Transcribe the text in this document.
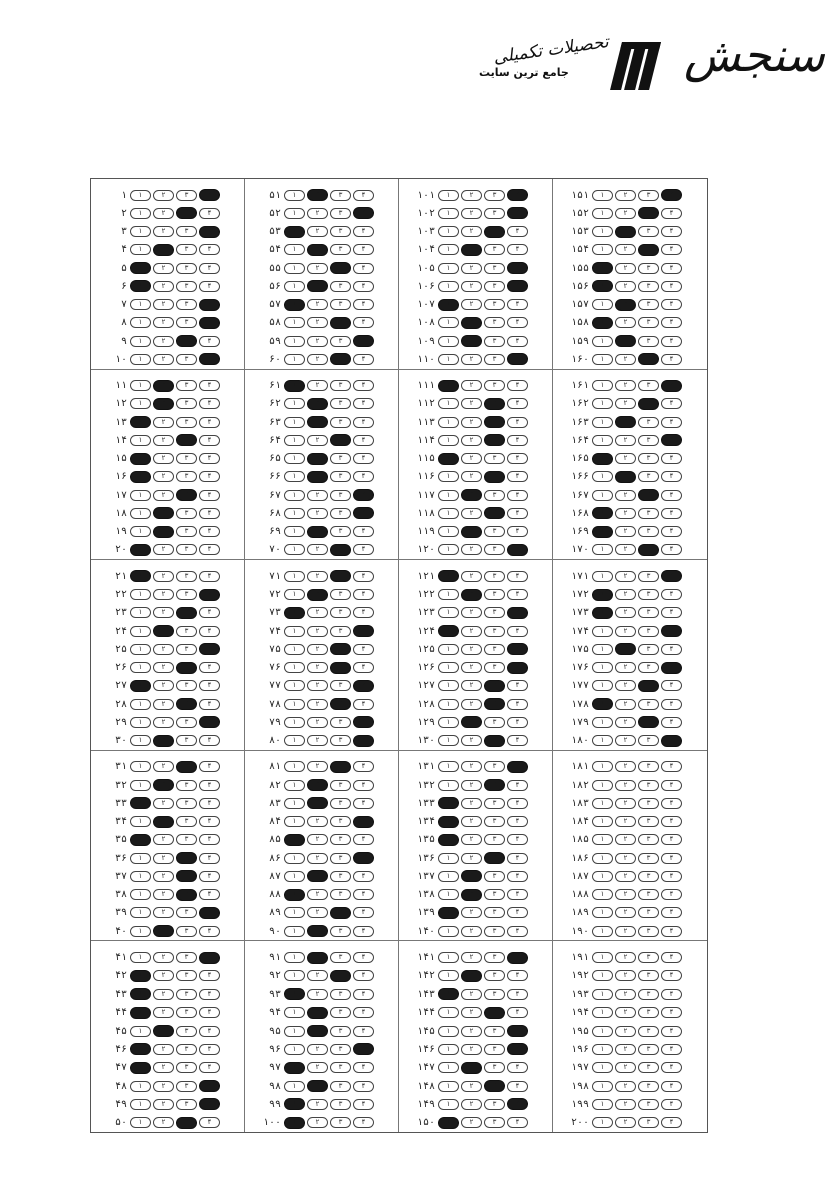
سنجش
تحصیلات تکمیلی
جامع ترین سایت
۱	۱	۲	۳	۴
۲	۱	۲	۳	۴
۳	۱	۲	۳	۴
۴	۱	۲	۳	۴
۵	۱	۲	۳	۴
۶	۱	۲	۳	۴
۷	۱	۲	۳	۴
۸	۱	۲	۳	۴
۹	۱	۲	۳	۴
۱۰	۱	۲	۳	۴
۵۱	۱	۲	۳	۴
۵۲	۱	۲	۳	۴
۵۳	۱	۲	۳	۴
۵۴	۱	۲	۳	۴
۵۵	۱	۲	۳	۴
۵۶	۱	۲	۳	۴
۵۷	۱	۲	۳	۴
۵۸	۱	۲	۳	۴
۵۹	۱	۲	۳	۴
۶۰	۱	۲	۳	۴
۱۰۱	۱	۲	۳	۴
۱۰۲	۱	۲	۳	۴
۱۰۳	۱	۲	۳	۴
۱۰۴	۱	۲	۳	۴
۱۰۵	۱	۲	۳	۴
۱۰۶	۱	۲	۳	۴
۱۰۷	۱	۲	۳	۴
۱۰۸	۱	۲	۳	۴
۱۰۹	۱	۲	۳	۴
۱۱۰	۱	۲	۳	۴
۱۵۱	۱	۲	۳	۴
۱۵۲	۱	۲	۳	۴
۱۵۳	۱	۲	۳	۴
۱۵۴	۱	۲	۳	۴
۱۵۵	۱	۲	۳	۴
۱۵۶	۱	۲	۳	۴
۱۵۷	۱	۲	۳	۴
۱۵۸	۱	۲	۳	۴
۱۵۹	۱	۲	۳	۴
۱۶۰	۱	۲	۳	۴
۱۱	۱	۲	۳	۴
۱۲	۱	۲	۳	۴
۱۳	۱	۲	۳	۴
۱۴	۱	۲	۳	۴
۱۵	۱	۲	۳	۴
۱۶	۱	۲	۳	۴
۱۷	۱	۲	۳	۴
۱۸	۱	۲	۳	۴
۱۹	۱	۲	۳	۴
۲۰	۱	۲	۳	۴
۶۱	۱	۲	۳	۴
۶۲	۱	۲	۳	۴
۶۳	۱	۲	۳	۴
۶۴	۱	۲	۳	۴
۶۵	۱	۲	۳	۴
۶۶	۱	۲	۳	۴
۶۷	۱	۲	۳	۴
۶۸	۱	۲	۳	۴
۶۹	۱	۲	۳	۴
۷۰	۱	۲	۳	۴
۱۱۱	۱	۲	۳	۴
۱۱۲	۱	۲	۳	۴
۱۱۳	۱	۲	۳	۴
۱۱۴	۱	۲	۳	۴
۱۱۵	۱	۲	۳	۴
۱۱۶	۱	۲	۳	۴
۱۱۷	۱	۲	۳	۴
۱۱۸	۱	۲	۳	۴
۱۱۹	۱	۲	۳	۴
۱۲۰	۱	۲	۳	۴
۱۶۱	۱	۲	۳	۴
۱۶۲	۱	۲	۳	۴
۱۶۳	۱	۲	۳	۴
۱۶۴	۱	۲	۳	۴
۱۶۵	۱	۲	۳	۴
۱۶۶	۱	۲	۳	۴
۱۶۷	۱	۲	۳	۴
۱۶۸	۱	۲	۳	۴
۱۶۹	۱	۲	۳	۴
۱۷۰	۱	۲	۳	۴
۲۱	۱	۲	۳	۴
۲۲	۱	۲	۳	۴
۲۳	۱	۲	۳	۴
۲۴	۱	۲	۳	۴
۲۵	۱	۲	۳	۴
۲۶	۱	۲	۳	۴
۲۷	۱	۲	۳	۴
۲۸	۱	۲	۳	۴
۲۹	۱	۲	۳	۴
۳۰	۱	۲	۳	۴
۷۱	۱	۲	۳	۴
۷۲	۱	۲	۳	۴
۷۳	۱	۲	۳	۴
۷۴	۱	۲	۳	۴
۷۵	۱	۲	۳	۴
۷۶	۱	۲	۳	۴
۷۷	۱	۲	۳	۴
۷۸	۱	۲	۳	۴
۷۹	۱	۲	۳	۴
۸۰	۱	۲	۳	۴
۱۲۱	۱	۲	۳	۴
۱۲۲	۱	۲	۳	۴
۱۲۳	۱	۲	۳	۴
۱۲۴	۱	۲	۳	۴
۱۲۵	۱	۲	۳	۴
۱۲۶	۱	۲	۳	۴
۱۲۷	۱	۲	۳	۴
۱۲۸	۱	۲	۳	۴
۱۲۹	۱	۲	۳	۴
۱۳۰	۱	۲	۳	۴
۱۷۱	۱	۲	۳	۴
۱۷۲	۱	۲	۳	۴
۱۷۳	۱	۲	۳	۴
۱۷۴	۱	۲	۳	۴
۱۷۵	۱	۲	۳	۴
۱۷۶	۱	۲	۳	۴
۱۷۷	۱	۲	۳	۴
۱۷۸	۱	۲	۳	۴
۱۷۹	۱	۲	۳	۴
۱۸۰	۱	۲	۳	۴
۳۱	۱	۲	۳	۴
۳۲	۱	۲	۳	۴
۳۳	۱	۲	۳	۴
۳۴	۱	۲	۳	۴
۳۵	۱	۲	۳	۴
۳۶	۱	۲	۳	۴
۳۷	۱	۲	۳	۴
۳۸	۱	۲	۳	۴
۳۹	۱	۲	۳	۴
۴۰	۱	۲	۳	۴
۸۱	۱	۲	۳	۴
۸۲	۱	۲	۳	۴
۸۳	۱	۲	۳	۴
۸۴	۱	۲	۳	۴
۸۵	۱	۲	۳	۴
۸۶	۱	۲	۳	۴
۸۷	۱	۲	۳	۴
۸۸	۱	۲	۳	۴
۸۹	۱	۲	۳	۴
۹۰	۱	۲	۳	۴
۱۳۱	۱	۲	۳	۴
۱۳۲	۱	۲	۳	۴
۱۳۳	۱	۲	۳	۴
۱۳۴	۱	۲	۳	۴
۱۳۵	۱	۲	۳	۴
۱۳۶	۱	۲	۳	۴
۱۳۷	۱	۲	۳	۴
۱۳۸	۱	۲	۳	۴
۱۳۹	۱	۲	۳	۴
۱۴۰	۱	۲	۳	۴
۱۸۱	۱	۲	۳	۴
۱۸۲	۱	۲	۳	۴
۱۸۳	۱	۲	۳	۴
۱۸۴	۱	۲	۳	۴
۱۸۵	۱	۲	۳	۴
۱۸۶	۱	۲	۳	۴
۱۸۷	۱	۲	۳	۴
۱۸۸	۱	۲	۳	۴
۱۸۹	۱	۲	۳	۴
۱۹۰	۱	۲	۳	۴
۴۱	۱	۲	۳	۴
۴۲	۱	۲	۳	۴
۴۳	۱	۲	۳	۴
۴۴	۱	۲	۳	۴
۴۵	۱	۲	۳	۴
۴۶	۱	۲	۳	۴
۴۷	۱	۲	۳	۴
۴۸	۱	۲	۳	۴
۴۹	۱	۲	۳	۴
۵۰	۱	۲	۳	۴
۹۱	۱	۲	۳	۴
۹۲	۱	۲	۳	۴
۹۳	۱	۲	۳	۴
۹۴	۱	۲	۳	۴
۹۵	۱	۲	۳	۴
۹۶	۱	۲	۳	۴
۹۷	۱	۲	۳	۴
۹۸	۱	۲	۳	۴
۹۹	۱	۲	۳	۴
۱۰۰	۱	۲	۳	۴
۱۴۱	۱	۲	۳	۴
۱۴۲	۱	۲	۳	۴
۱۴۳	۱	۲	۳	۴
۱۴۴	۱	۲	۳	۴
۱۴۵	۱	۲	۳	۴
۱۴۶	۱	۲	۳	۴
۱۴۷	۱	۲	۳	۴
۱۴۸	۱	۲	۳	۴
۱۴۹	۱	۲	۳	۴
۱۵۰	۱	۲	۳	۴
۱۹۱	۱	۲	۳	۴
۱۹۲	۱	۲	۳	۴
۱۹۳	۱	۲	۳	۴
۱۹۴	۱	۲	۳	۴
۱۹۵	۱	۲	۳	۴
۱۹۶	۱	۲	۳	۴
۱۹۷	۱	۲	۳	۴
۱۹۸	۱	۲	۳	۴
۱۹۹	۱	۲	۳	۴
۲۰۰	۱	۲	۳	۴
